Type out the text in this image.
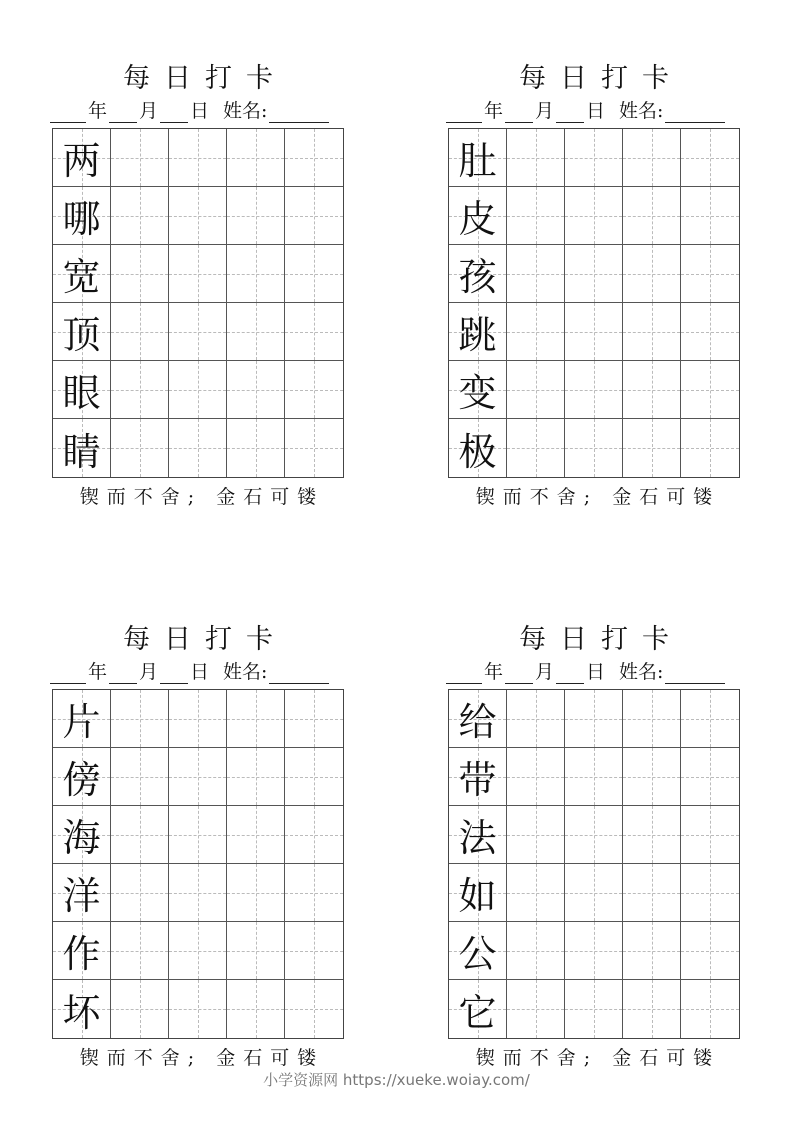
每日打卡
年 月 日 姓名:
两
哪
宽
顶
眼
睛
锲而不舍; 金石可镂
每日打卡
年 月 日 姓名:
肚
皮
孩
跳
变
极
锲而不舍; 金石可镂
每日打卡
年 月 日 姓名:
片
傍
海
洋
作
坏
锲而不舍; 金石可镂
每日打卡
年 月 日 姓名:
给
带
法
如
公
它
锲而不舍; 金石可镂
小学资源网 https://xueke.woiay.com/
